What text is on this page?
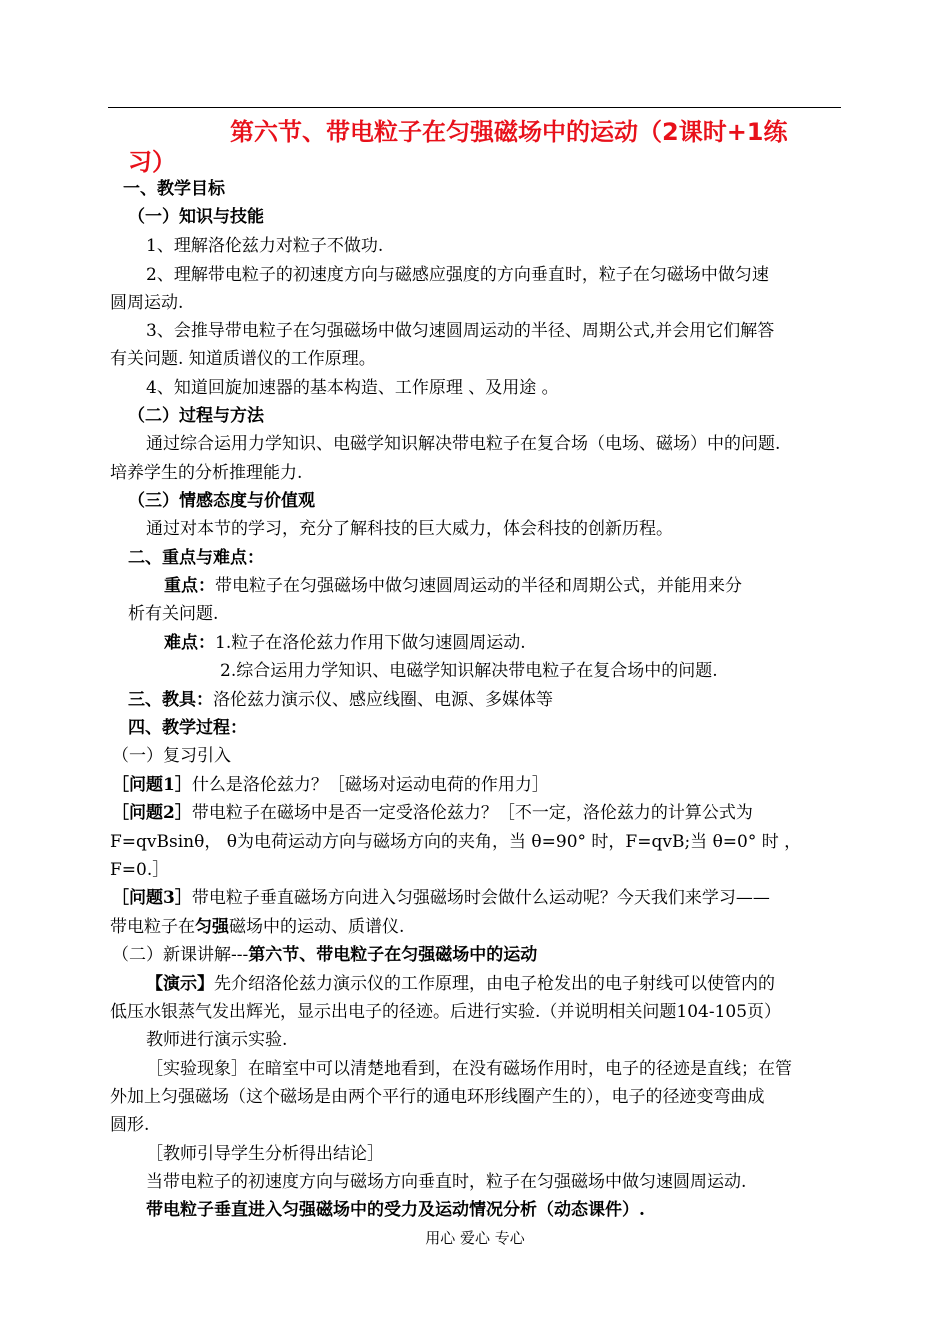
第六节、带电粒子在匀强磁场中的运动（2课时+1练
习）
一、教学目标
（一）知识与技能
1、理解洛伦兹力对粒子不做功.
2、理解带电粒子的初速度方向与磁感应强度的方向垂直时，粒子在匀磁场中做匀速
圆周运动.
3、会推导带电粒子在匀强磁场中做匀速圆周运动的半径、周期公式,并会用它们解答
有关问题. 知道质谱仪的工作原理。
4、知道回旋加速器的基本构造、工作原理 、及用途 。
（二）过程与方法
通过综合运用力学知识、电磁学知识解决带电粒子在复合场（电场、磁场）中的问题.
培养学生的分析推理能力.
（三）情感态度与价值观
通过对本节的学习，充分了解科技的巨大威力，体会科技的创新历程。
二、重点与难点：
重点：带电粒子在匀强磁场中做匀速圆周运动的半径和周期公式，并能用来分
析有关问题.
难点：1.粒子在洛伦兹力作用下做匀速圆周运动.
2.综合运用力学知识、电磁学知识解决带电粒子在复合场中的问题.
三、教具：洛伦兹力演示仪、感应线圈、电源、多媒体等
四、教学过程：
（一）复习引入
［问题1］什么是洛伦兹力？［磁场对运动电荷的作用力］
［问题2］带电粒子在磁场中是否一定受洛伦兹力？［不一定，洛伦兹力的计算公式为
F=qvBsinθ， θ为电荷运动方向与磁场方向的夹角，当 θ=90° 时，F=qvB;当 θ=0° 时 ，
F=0.］
［问题3］带电粒子垂直磁场方向进入匀强磁场时会做什么运动呢？今天我们来学习——
带电粒子在匀强磁场中的运动、质谱仪.
（二）新课讲解---第六节、带电粒子在匀强磁场中的运动
【演示】先介绍洛伦兹力演示仪的工作原理，由电子枪发出的电子射线可以使管内的
低压水银蒸气发出辉光，显示出电子的径迹。后进行实验.（并说明相关问题104-105页）
教师进行演示实验.
［实验现象］在暗室中可以清楚地看到，在没有磁场作用时，电子的径迹是直线；在管
外加上匀强磁场（这个磁场是由两个平行的通电环形线圈产生的），电子的径迹变弯曲成
圆形.
［教师引导学生分析得出结论］
当带电粒子的初速度方向与磁场方向垂直时，粒子在匀强磁场中做匀速圆周运动.
带电粒子垂直进入匀强磁场中的受力及运动情况分析（动态课件）.
用心 爱心 专心
